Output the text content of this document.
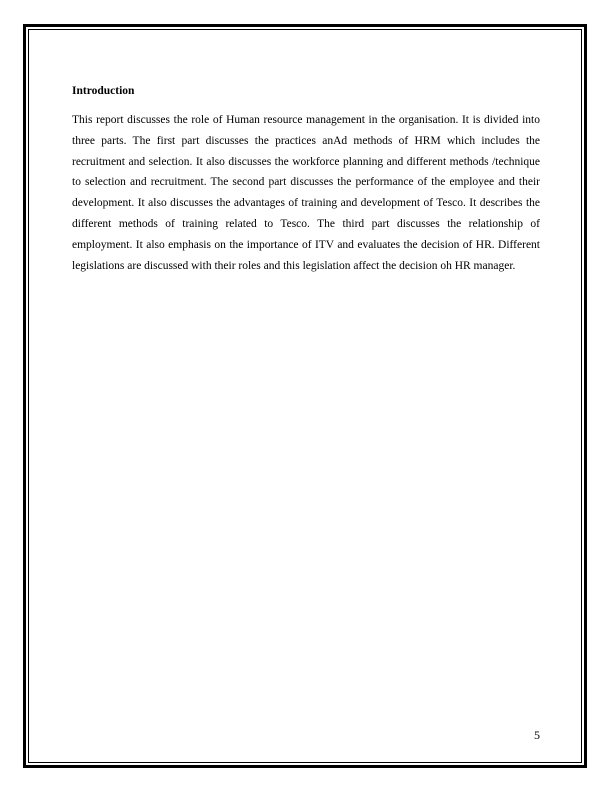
Introduction

This report discusses the role of Human resource management in the organisation. It is divided into three parts. The first part discusses the practices anAd methods of HRM which includes the recruitment and selection. It also discusses the workforce planning and different methods /technique to selection and recruitment. The second part discusses the performance of the employee and their development. It also discusses the advantages of training and development of Tesco. It describes the different methods of training related to Tesco. The third part discusses the relationship of employment. It also emphasis on the importance of ITV and evaluates the decision of HR. Different legislations are discussed with their roles and this legislation affect the decision oh HR manager.

5
